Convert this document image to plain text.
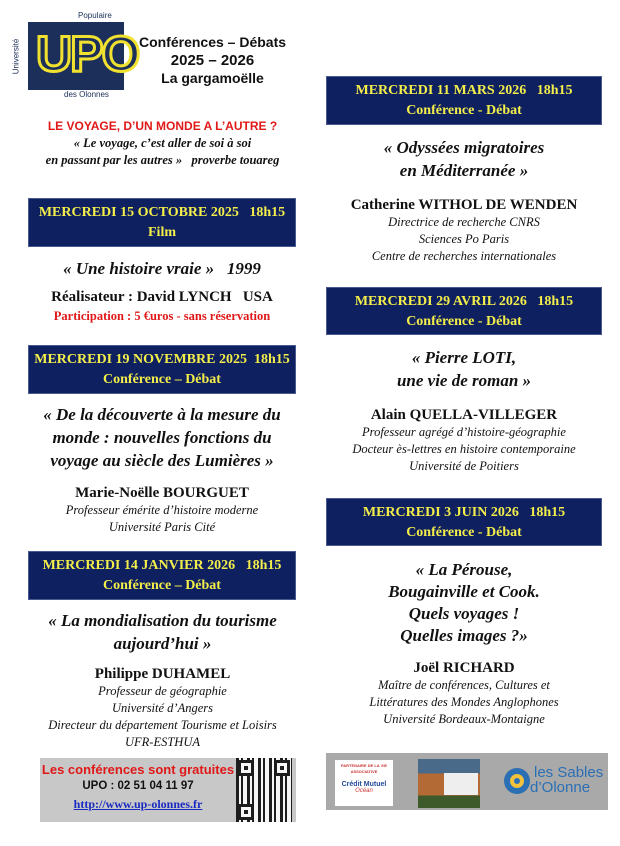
UPO
Populaire
des Olonnes
Université	Conférences – Débats
2025 – 2026
La gargamoëlle
LE VOYAGE, D’UN MONDE A L’AUTRE ?
« Le voyage, c’est aller de soi à soi
en passant par les autres » proverbe touareg
MERCREDI 15 OCTOBRE 2025   18h15
Film
« Une histoire vraie »   1999
Réalisateur : David LYNCH   USA
Participation : 5 €uros - sans réservation
MERCREDI 19 NOVEMBRE 2025  18h15
Conférence – Débat
« De la découverte à la mesure du
monde : nouvelles fonctions du
voyage au siècle des Lumières »
Marie-Noëlle BOURGUET
Professeur émérite d’histoire moderne
Université Paris Cité
MERCREDI 14 JANVIER 2026   18h15
Conférence – Débat
« La mondialisation du tourisme
aujourd’hui »
Philippe DUHAMEL
Professeur de géographie
Université d’Angers
Directeur du département Tourisme et Loisirs
UFR-ESTHUA
MERCREDI 11 MARS 2026   18h15
Conférence - Débat
« Odyssées migratoires
en Méditerranée »
Catherine WITHOL DE WENDEN
Directrice de recherche CNRS
Sciences Po Paris
Centre de recherches internationales
MERCREDI 29 AVRIL 2026   18h15
Conférence - Débat
« Pierre LOTI,
une vie de roman »
Alain QUELLA-VILLEGER
Professeur agrégé d’histoire-géographie
Docteur ès-lettres en histoire contemporaine
Université de Poitiers
MERCREDI 3 JUIN 2026   18h15
Conférence - Débat
« La Pérouse,
Bougainville et Cook.
Quels voyages !
Quelles images ?»
Joël RICHARD
Maître de conférences, Cultures et
Littératures des Mondes Anglophones
Université Bordeaux-Montaigne
Les conférences sont gratuites
UPO : 02 51 04 11 97
http://www.up-olonnes.fr
PARTENAIRE DE LA VIE ASSOCIATIVE
Crédit Mutuel
Océan
les Sables
d’Olonne
